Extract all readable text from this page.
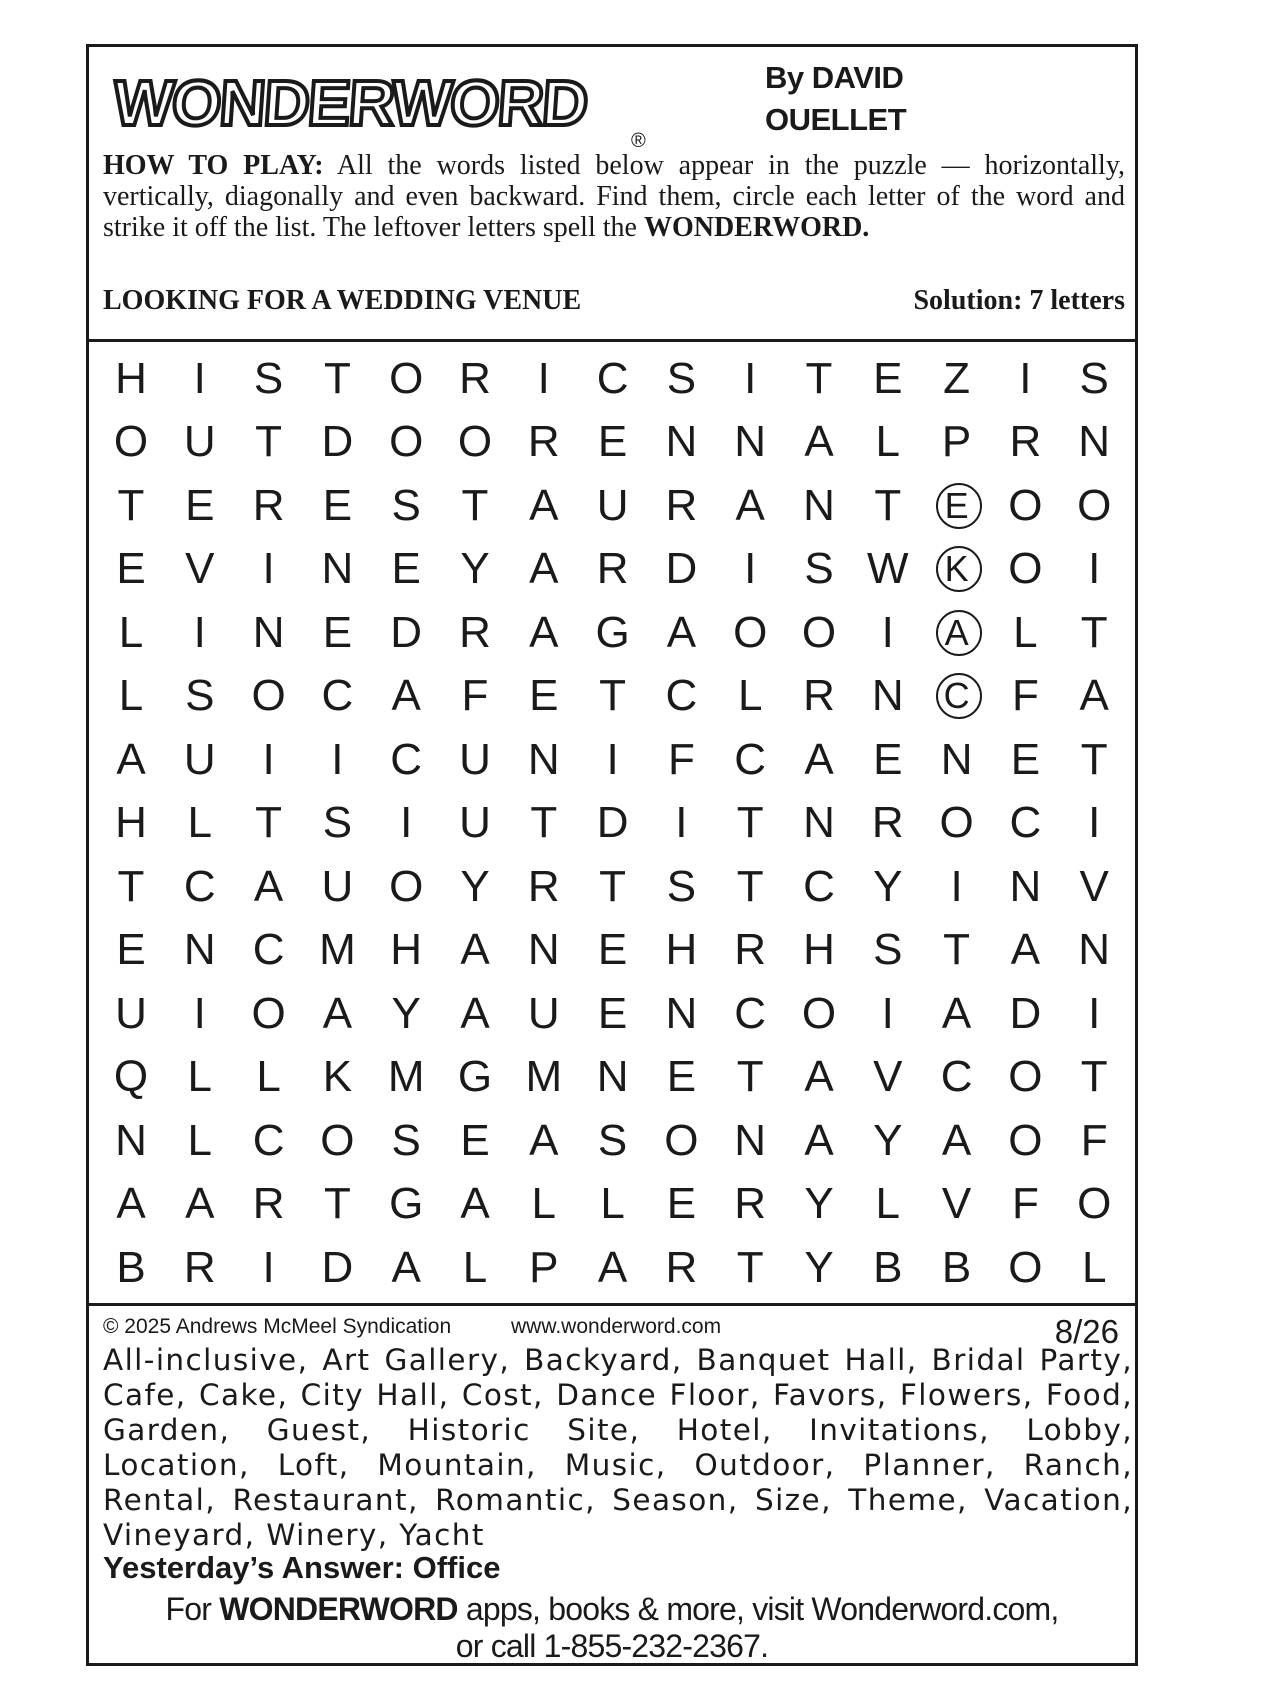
WONDERWORD
®
By DAVID
OUELLET
HOW TO PLAY: All the words listed below appear in the puzzle — horizontally, vertically, diagonally and even backward. Find them, circle each letter of the word and strike it off the list. The leftover letters spell the WONDERWORD.
LOOKING FOR A WEDDING VENUE	Solution: 7 letters
H	I	S T O R	I	C S	I	T E Z	I	S
O U T D O O R E N N A L P R N
T E R E S T A U R A N T	E O O
E V	I	N E Y A R D	I	S W	K O	I
L	I	N E D R A G A O O	I	A	L T
L S O C A F E T C L R N	C F A
A U	I	I	C U N	I	F C A E N E T
H L T S	I	U T D	I	T N R O C	I
T C A U O Y R T S T C Y	I	N V
E N C M H A N E H R H S T A N
U	I	O A Y A U E N C O	I	A D	I
Q L	L K M G M N E T A V C O T
N L C O S E A S O N A Y A O F
A A R T G A L	L E R Y L V F O
B R	I	D A L P A R T Y B B O L
© 2025 Andrews McMeel Syndication	www.wonderword.com	8/26
All-inclusive, Art Gallery, Backyard, Banquet Hall, Bridal Party, Cafe, Cake, City Hall, Cost, Dance Floor, Favors, Flowers, Food, Garden, Guest, Historic Site, Hotel, Invitations, Lobby, Location, Loft, Mountain, Music, Outdoor, Planner, Ranch, Rental, Restaurant, Romantic, Season, Size, Theme, Vacation, Vineyard, Winery, Yacht
Yesterday’s Answer: Office
For WONDERWORD apps, books & more, visit Wonderword.com,
or call 1-855-232-2367.
